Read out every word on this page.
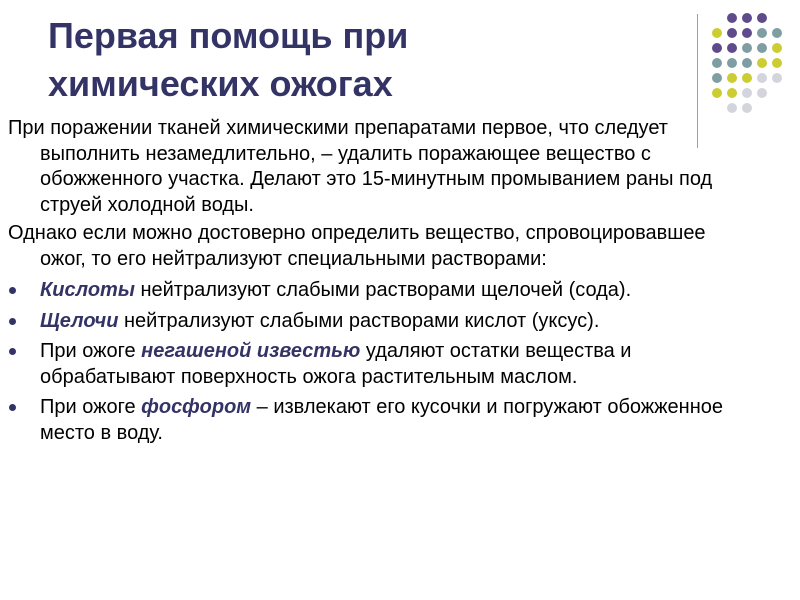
Первая помощь при
химических ожогах

При поражении тканей химическими препаратами первое, что следует выполнить незамедлительно, – удалить поражающее вещество с обожженного участка. Делают это 15-минутным промыванием раны под струей холодной воды.

Однако если можно достоверно определить вещество, спровоцировавшее ожог, то его нейтрализуют специальными растворами:

Кислоты нейтрализуют слабыми растворами щелочей (сода).
Щелочи нейтрализуют слабыми растворами кислот (уксус).
При ожоге негашеной известью удаляют остатки вещества и обрабатывают поверхность ожога растительным маслом.
При ожоге фосфором – извлекают его кусочки и погружают обожженное место в воду.
